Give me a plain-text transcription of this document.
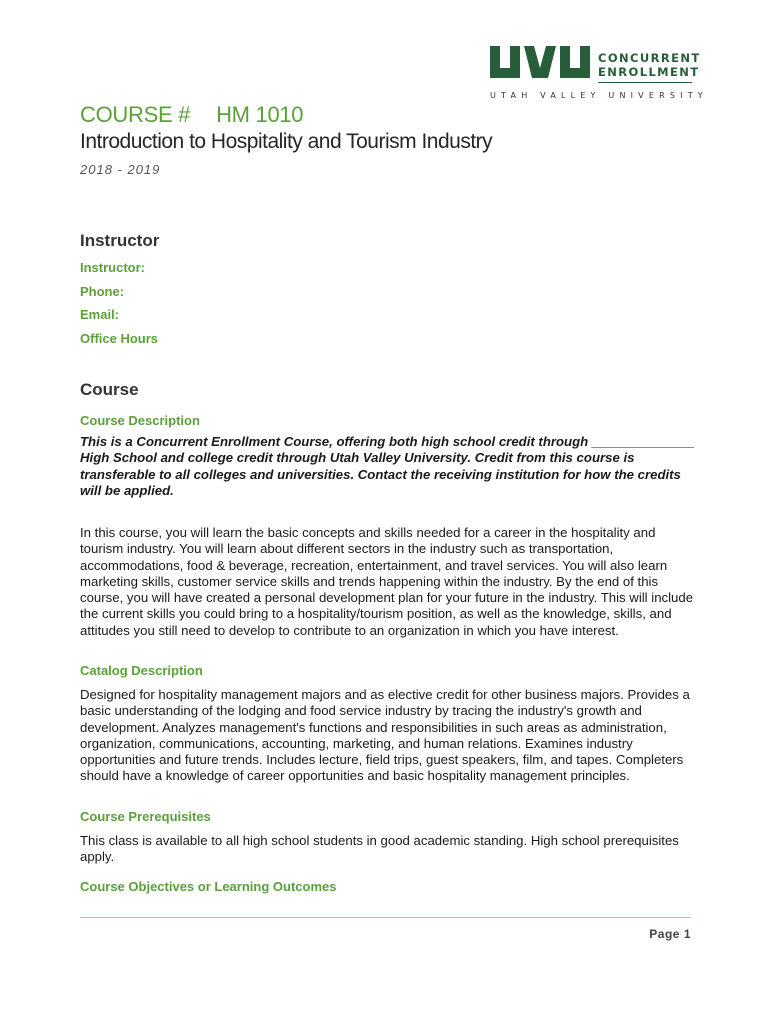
CONCURRENT
ENROLLMENT
UTAH VALLEY UNIVERSITY
COURSE # HM 1010
Introduction to Hospitality and Tourism Industry
2018 - 2019
Instructor
Instructor:
Phone:
Email:
Office Hours
Course
Course Description

This is a Concurrent Enrollment Course, offering both high school credit through ______________ High School and college credit through Utah Valley University. Credit from this course is transferable to all colleges and universities. Contact the receiving institution for how the credits will be applied.

In this course, you will learn the basic concepts and skills needed for a career in the hospitality and tourism industry. You will learn about different sectors in the industry such as transportation, accommodations, food & beverage, recreation, entertainment, and travel services. You will also learn marketing skills, customer service skills and trends happening within the industry. By the end of this course, you will have created a personal development plan for your future in the industry. This will include the current skills you could bring to a hospitality/tourism position, as well as the knowledge, skills, and attitudes you still need to develop to contribute to an organization in which you have interest.

Catalog Description

Designed for hospitality management majors and as elective credit for other business majors. Provides a basic understanding of the lodging and food service industry by tracing the industry's growth and development. Analyzes management's functions and responsibilities in such areas as administration, organization, communications, accounting, marketing, and human relations. Examines industry opportunities and future trends. Includes lecture, field trips, guest speakers, film, and tapes. Completers should have a knowledge of career opportunities and basic hospitality management principles.

Course Prerequisites

This class is available to all high school students in good academic standing. High school prerequisites apply.

Course Objectives or Learning Outcomes
Page 1
